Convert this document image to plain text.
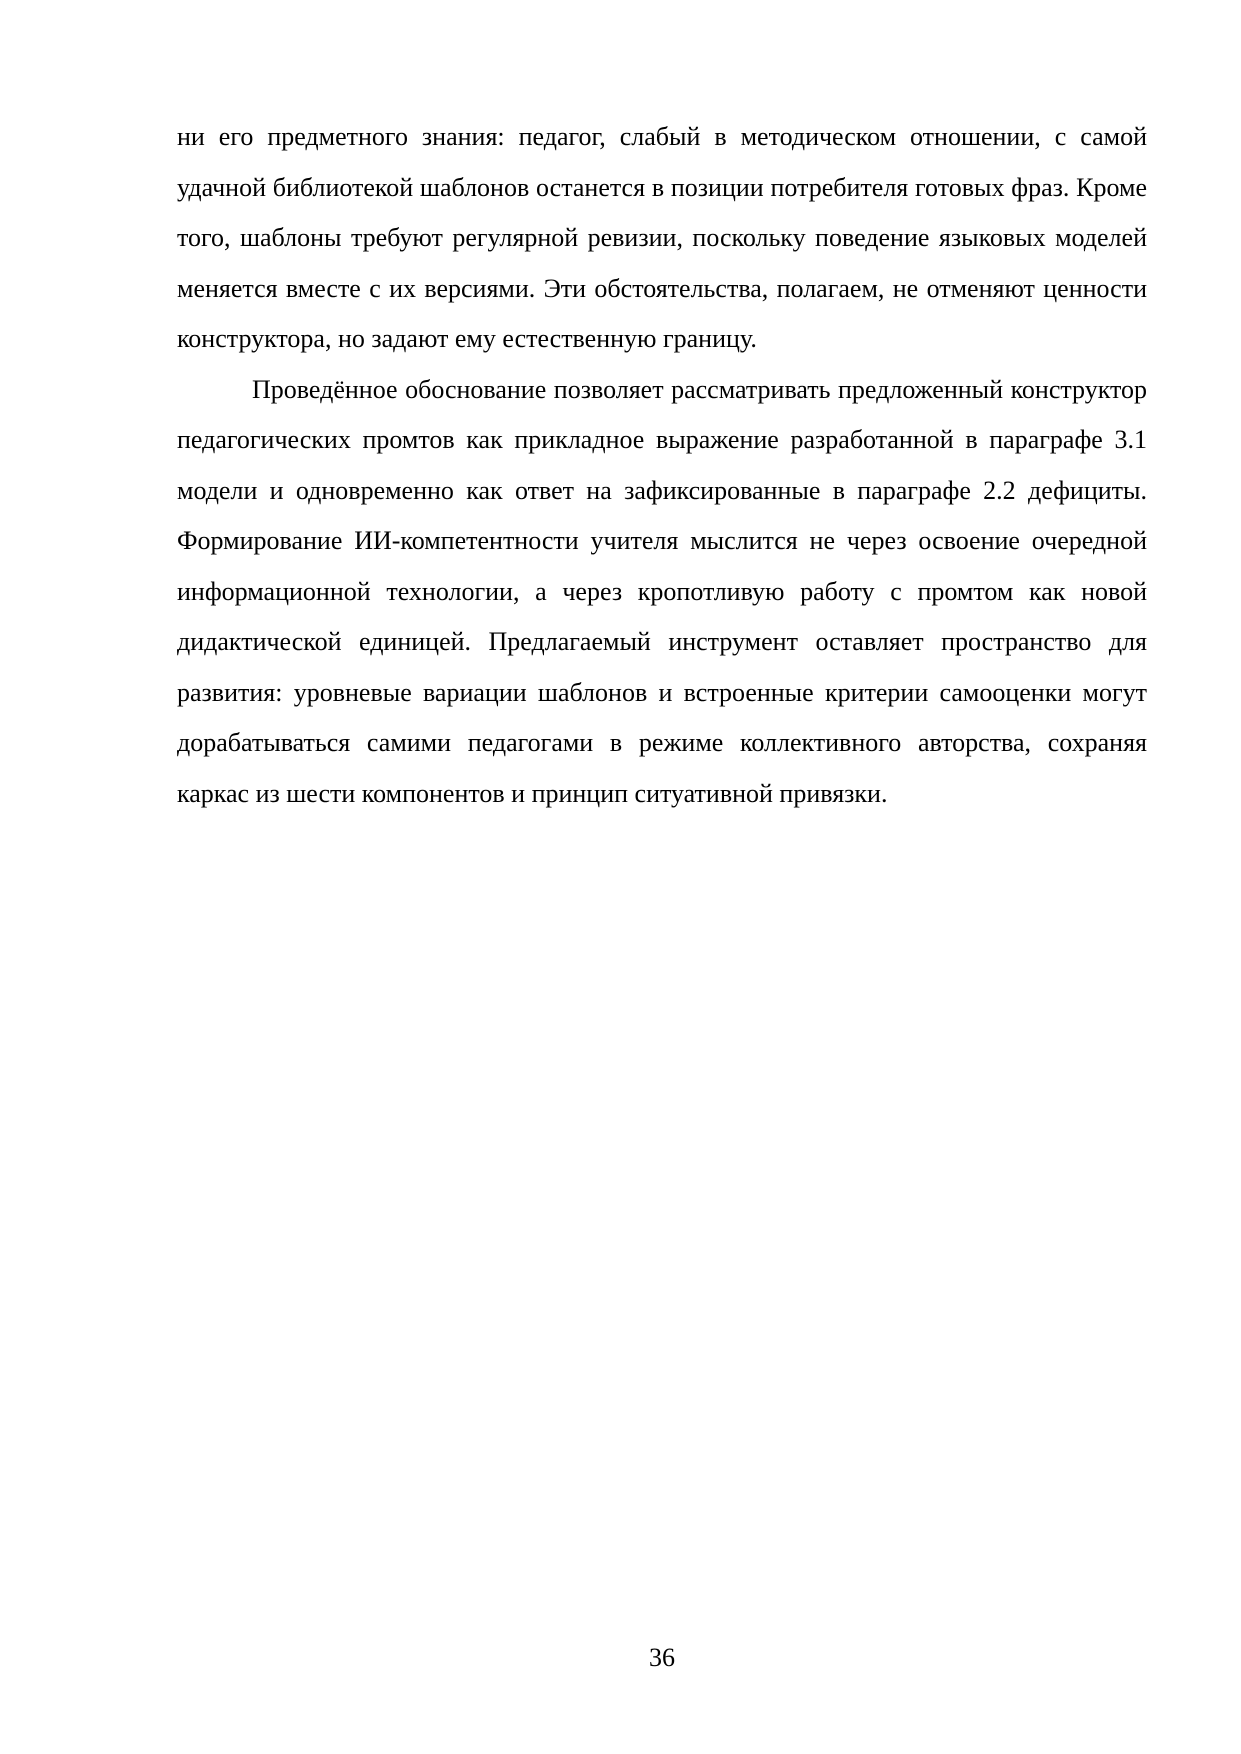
ни его предметного знания: педагог, слабый в методическом отношении, с самой удачной библиотекой шаблонов останется в позиции потребителя готовых фраз. Кроме того, шаблоны требуют регулярной ревизии, поскольку поведение языковых моделей меняется вместе с их версиями. Эти обстоятельства, полагаем, не отменяют ценности конструктора, но задают ему естественную границу.

Проведённое обоснование позволяет рассматривать предложенный конструктор педагогических промтов как прикладное выражение разработанной в параграфе 3.1 модели и одновременно как ответ на зафиксированные в параграфе 2.2 дефициты. Формирование ИИ-компетентности учителя мыслится не через освоение очередной информационной технологии, а через кропотливую работу с промтом как новой дидактической единицей. Предлагаемый инструмент оставляет пространство для развития: уровневые вариации шаблонов и встроенные критерии самооценки могут дорабатываться самими педагогами в режиме коллективного авторства, сохраняя каркас из шести компонентов и принцип ситуативной привязки.

36
